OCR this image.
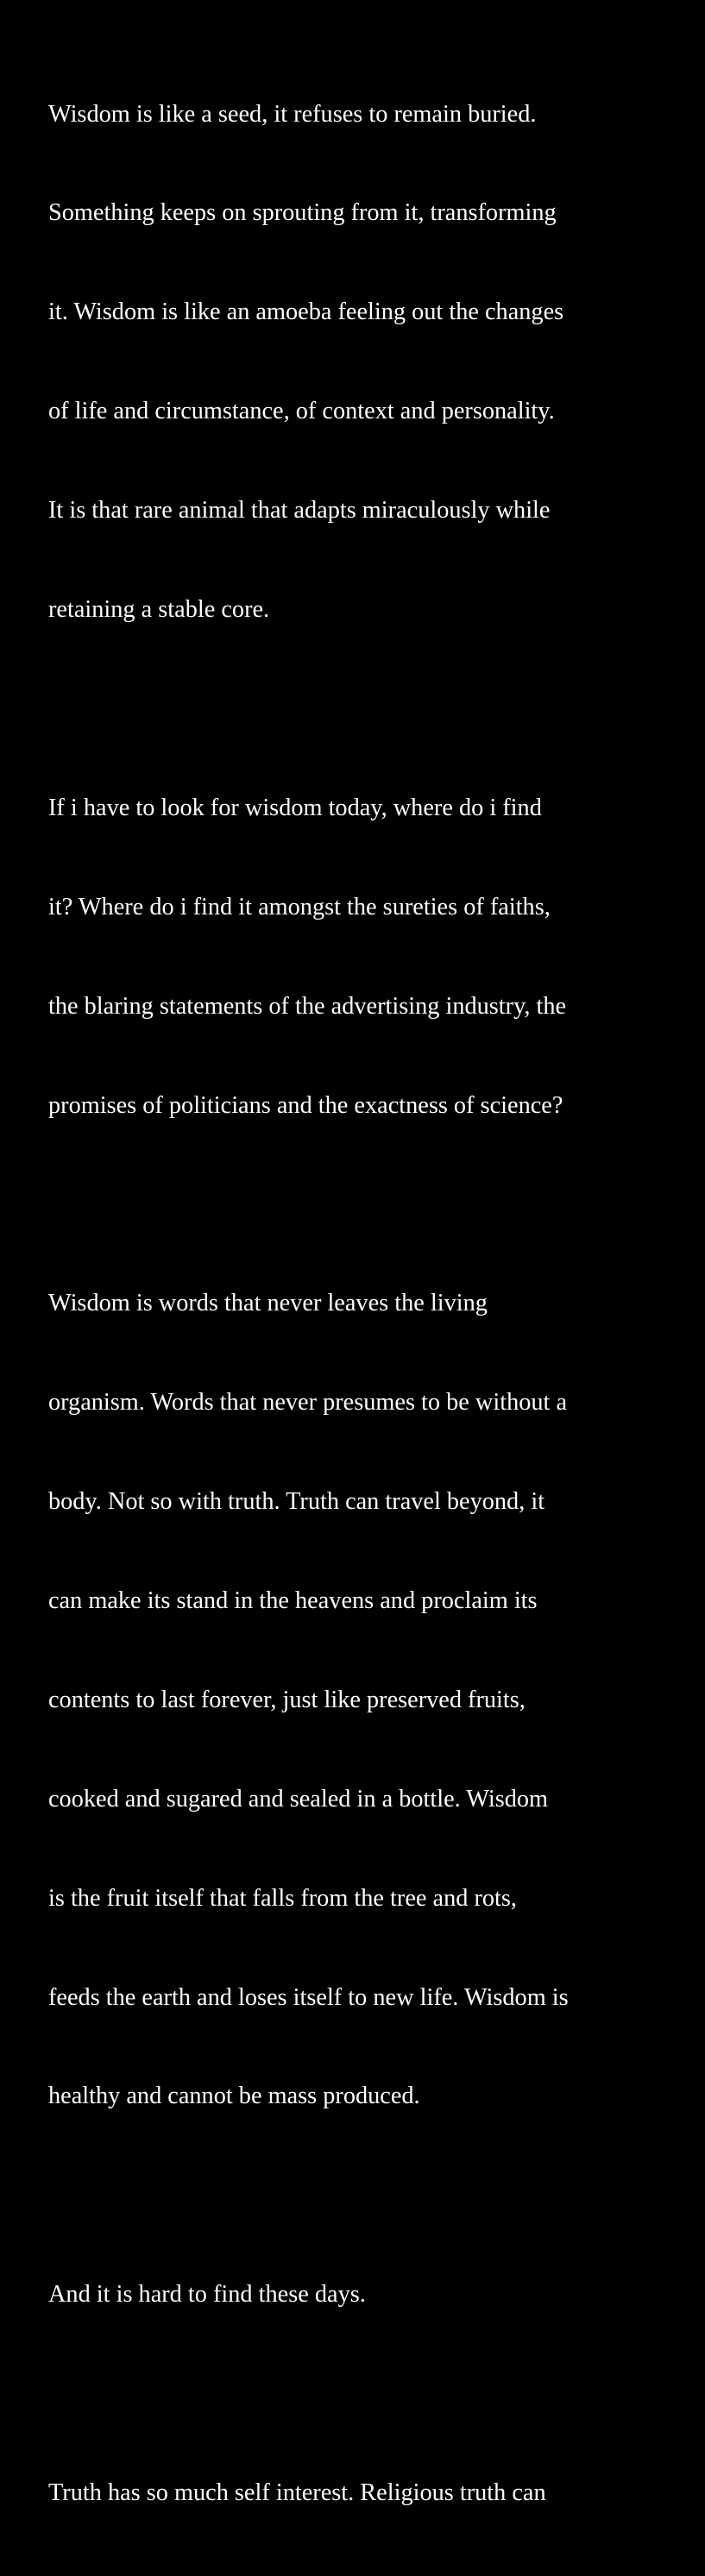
Wisdom is like a seed, it refuses to remain buried.

Something keeps on sprouting from it, transforming

it. Wisdom is like an amoeba feeling out the changes

of life and circumstance, of context and personality.

It is that rare animal that adapts miraculously while

retaining a stable core.

If i have to look for wisdom today, where do i find

it? Where do i find it amongst the sureties of faiths,

the blaring statements of the advertising industry, the

promises of politicians and the exactness of science?

Wisdom is words that never leaves the living

organism. Words that never presumes to be without a

body. Not so with truth. Truth can travel beyond, it

can make its stand in the heavens and proclaim its

contents to last forever, just like preserved fruits,

cooked and sugared and sealed in a bottle. Wisdom

is the fruit itself that falls from the tree and rots,

feeds the earth and loses itself to new life. Wisdom is

healthy and cannot be mass produced.

And it is hard to find these days.

Truth has so much self interest. Religious truth can
